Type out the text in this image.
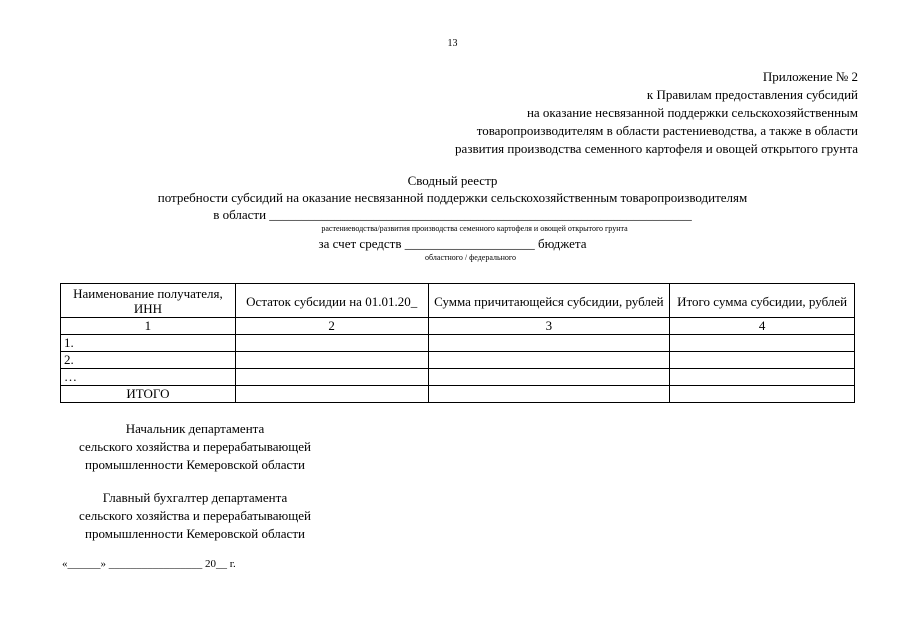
13
Приложение № 2
к Правилам предоставления субсидий
на оказание несвязанной поддержки сельскохозяйственным
товаропроизводителям в области растениеводства, а также в области
развития производства семенного картофеля и овощей открытого грунта
Сводный реестр
потребности субсидий на оказание несвязанной поддержки сельскохозяйственным товаропроизводителям
в области _________________________________________________________________
растениеводства/развития производства семенного картофеля и овощей открытого грунта
за счет средств ____________________ бюджета
областного / федерального
Наименование получателя, ИНН	Остаток субсидии на 01.01.20_	Сумма причитающейся субсидии, рублей	Итого сумма субсидии, рублей
1	2	3	4
1.			
2.			
…			
ИТОГО			
Начальник департамента
сельского хозяйства и перерабатывающей
промышленности Кемеровской области
Главный бухгалтер департамента
сельского хозяйства и перерабатывающей
промышленности Кемеровской области
«______» _________________ 20__ г.
